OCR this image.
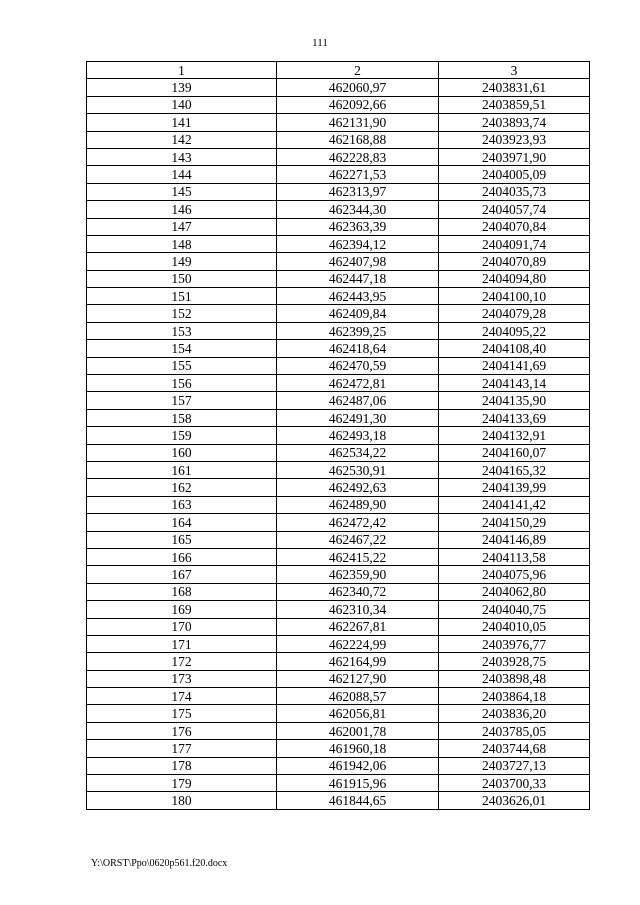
111
1	2	3
139	462060,97	2403831,61
140	462092,66	2403859,51
141	462131,90	2403893,74
142	462168,88	2403923,93
143	462228,83	2403971,90
144	462271,53	2404005,09
145	462313,97	2404035,73
146	462344,30	2404057,74
147	462363,39	2404070,84
148	462394,12	2404091,74
149	462407,98	2404070,89
150	462447,18	2404094,80
151	462443,95	2404100,10
152	462409,84	2404079,28
153	462399,25	2404095,22
154	462418,64	2404108,40
155	462470,59	2404141,69
156	462472,81	2404143,14
157	462487,06	2404135,90
158	462491,30	2404133,69
159	462493,18	2404132,91
160	462534,22	2404160,07
161	462530,91	2404165,32
162	462492,63	2404139,99
163	462489,90	2404141,42
164	462472,42	2404150,29
165	462467,22	2404146,89
166	462415,22	2404113,58
167	462359,90	2404075,96
168	462340,72	2404062,80
169	462310,34	2404040,75
170	462267,81	2404010,05
171	462224,99	2403976,77
172	462164,99	2403928,75
173	462127,90	2403898,48
174	462088,57	2403864,18
175	462056,81	2403836,20
176	462001,78	2403785,05
177	461960,18	2403744,68
178	461942,06	2403727,13
179	461915,96	2403700,33
180	461844,65	2403626,01
Y:\ORST\Ppo\0620p561.f20.docx
